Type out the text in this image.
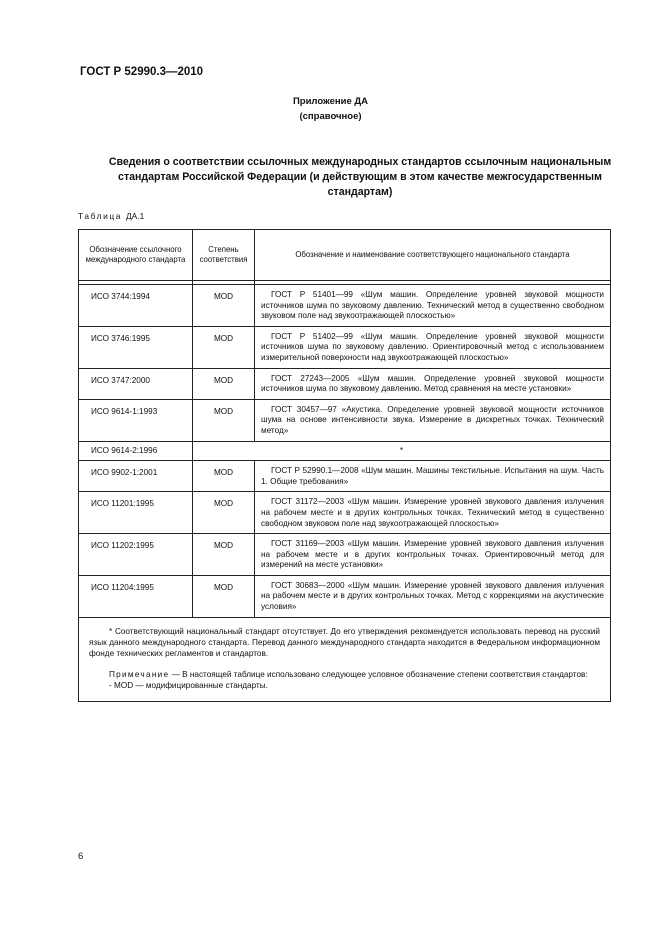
ГОСТ Р 52990.3—2010
Приложение ДА
(справочное)
Сведения о соответствии ссылочных международных стандартов ссылочным национальным
стандартам Российской Федерации (и действующим в этом качестве межгосударственным
стандартам)
Таблица ДА.1
Обозначение ссылочного международного стандарта	Степень соответствия	Обозначение и наименование соответствующего национального стандарта

ИСО 3744:1994	MOD	ГОСТ Р 51401—99 «Шум машин. Определение уровней звуковой мощности источников шума по звуковому давлению. Технический метод в существенно свободном звуковом поле над звукоотражающей плоскостью»
ИСО 3746:1995	MOD	ГОСТ Р 51402—99 «Шум машин. Определение уровней звуковой мощности источников шума по звуковому давлению. Ориентировочный метод с использованием измерительной поверхности над звукоотражающей плоскостью»
ИСО 3747:2000	MOD	ГОСТ 27243—2005 «Шум машин. Определение уровней звуковой мощности источников шума по звуковому давлению. Метод сравнения на месте установки»
ИСО 9614-1:1993	MOD	ГОСТ 30457—97 «Акустика. Определение уровней звуковой мощности источников шума на основе интенсивности звука. Измерение в дискретных точках. Технический метод»
ИСО 9614-2:1996	*	
ИСО 9902-1:2001	MOD	ГОСТ Р 52990.1—2008 «Шум машин. Машины текстильные. Испытания на шум. Часть 1. Общие требования»
ИСО 11201:1995	MOD	ГОСТ 31172—2003 «Шум машин. Измерение уровней звукового давления излучения на рабочем месте и в других контрольных точках. Технический метод в существенно свободном звуковом поле над звукоотражающей плоскостью»
ИСО 11202:1995	MOD	ГОСТ 31169—2003 «Шум машин. Измерение уровней звукового давления излучения на рабочем месте и в других контрольных точках. Ориентировочный метод для измерений на месте установки»
ИСО 11204:1995	MOD	ГОСТ 30683—2000 «Шум машин. Измерение уровней звукового давления излучения на рабочем месте и в других контрольных точках. Метод с коррекциями на акустические условия»

* Соответствующий национальный стандарт отсутствует. До его утверждения рекомендуется использовать перевод на русский язык данного международного стандарта. Перевод данного международного стандарта находится в Федеральном информационном фонде технических регламентов и стандартов.

Примечание — В настоящей таблице использовано следующее условное обозначение степени соответствия стандартов:

- MOD — модифицированные стандарты.		

6
